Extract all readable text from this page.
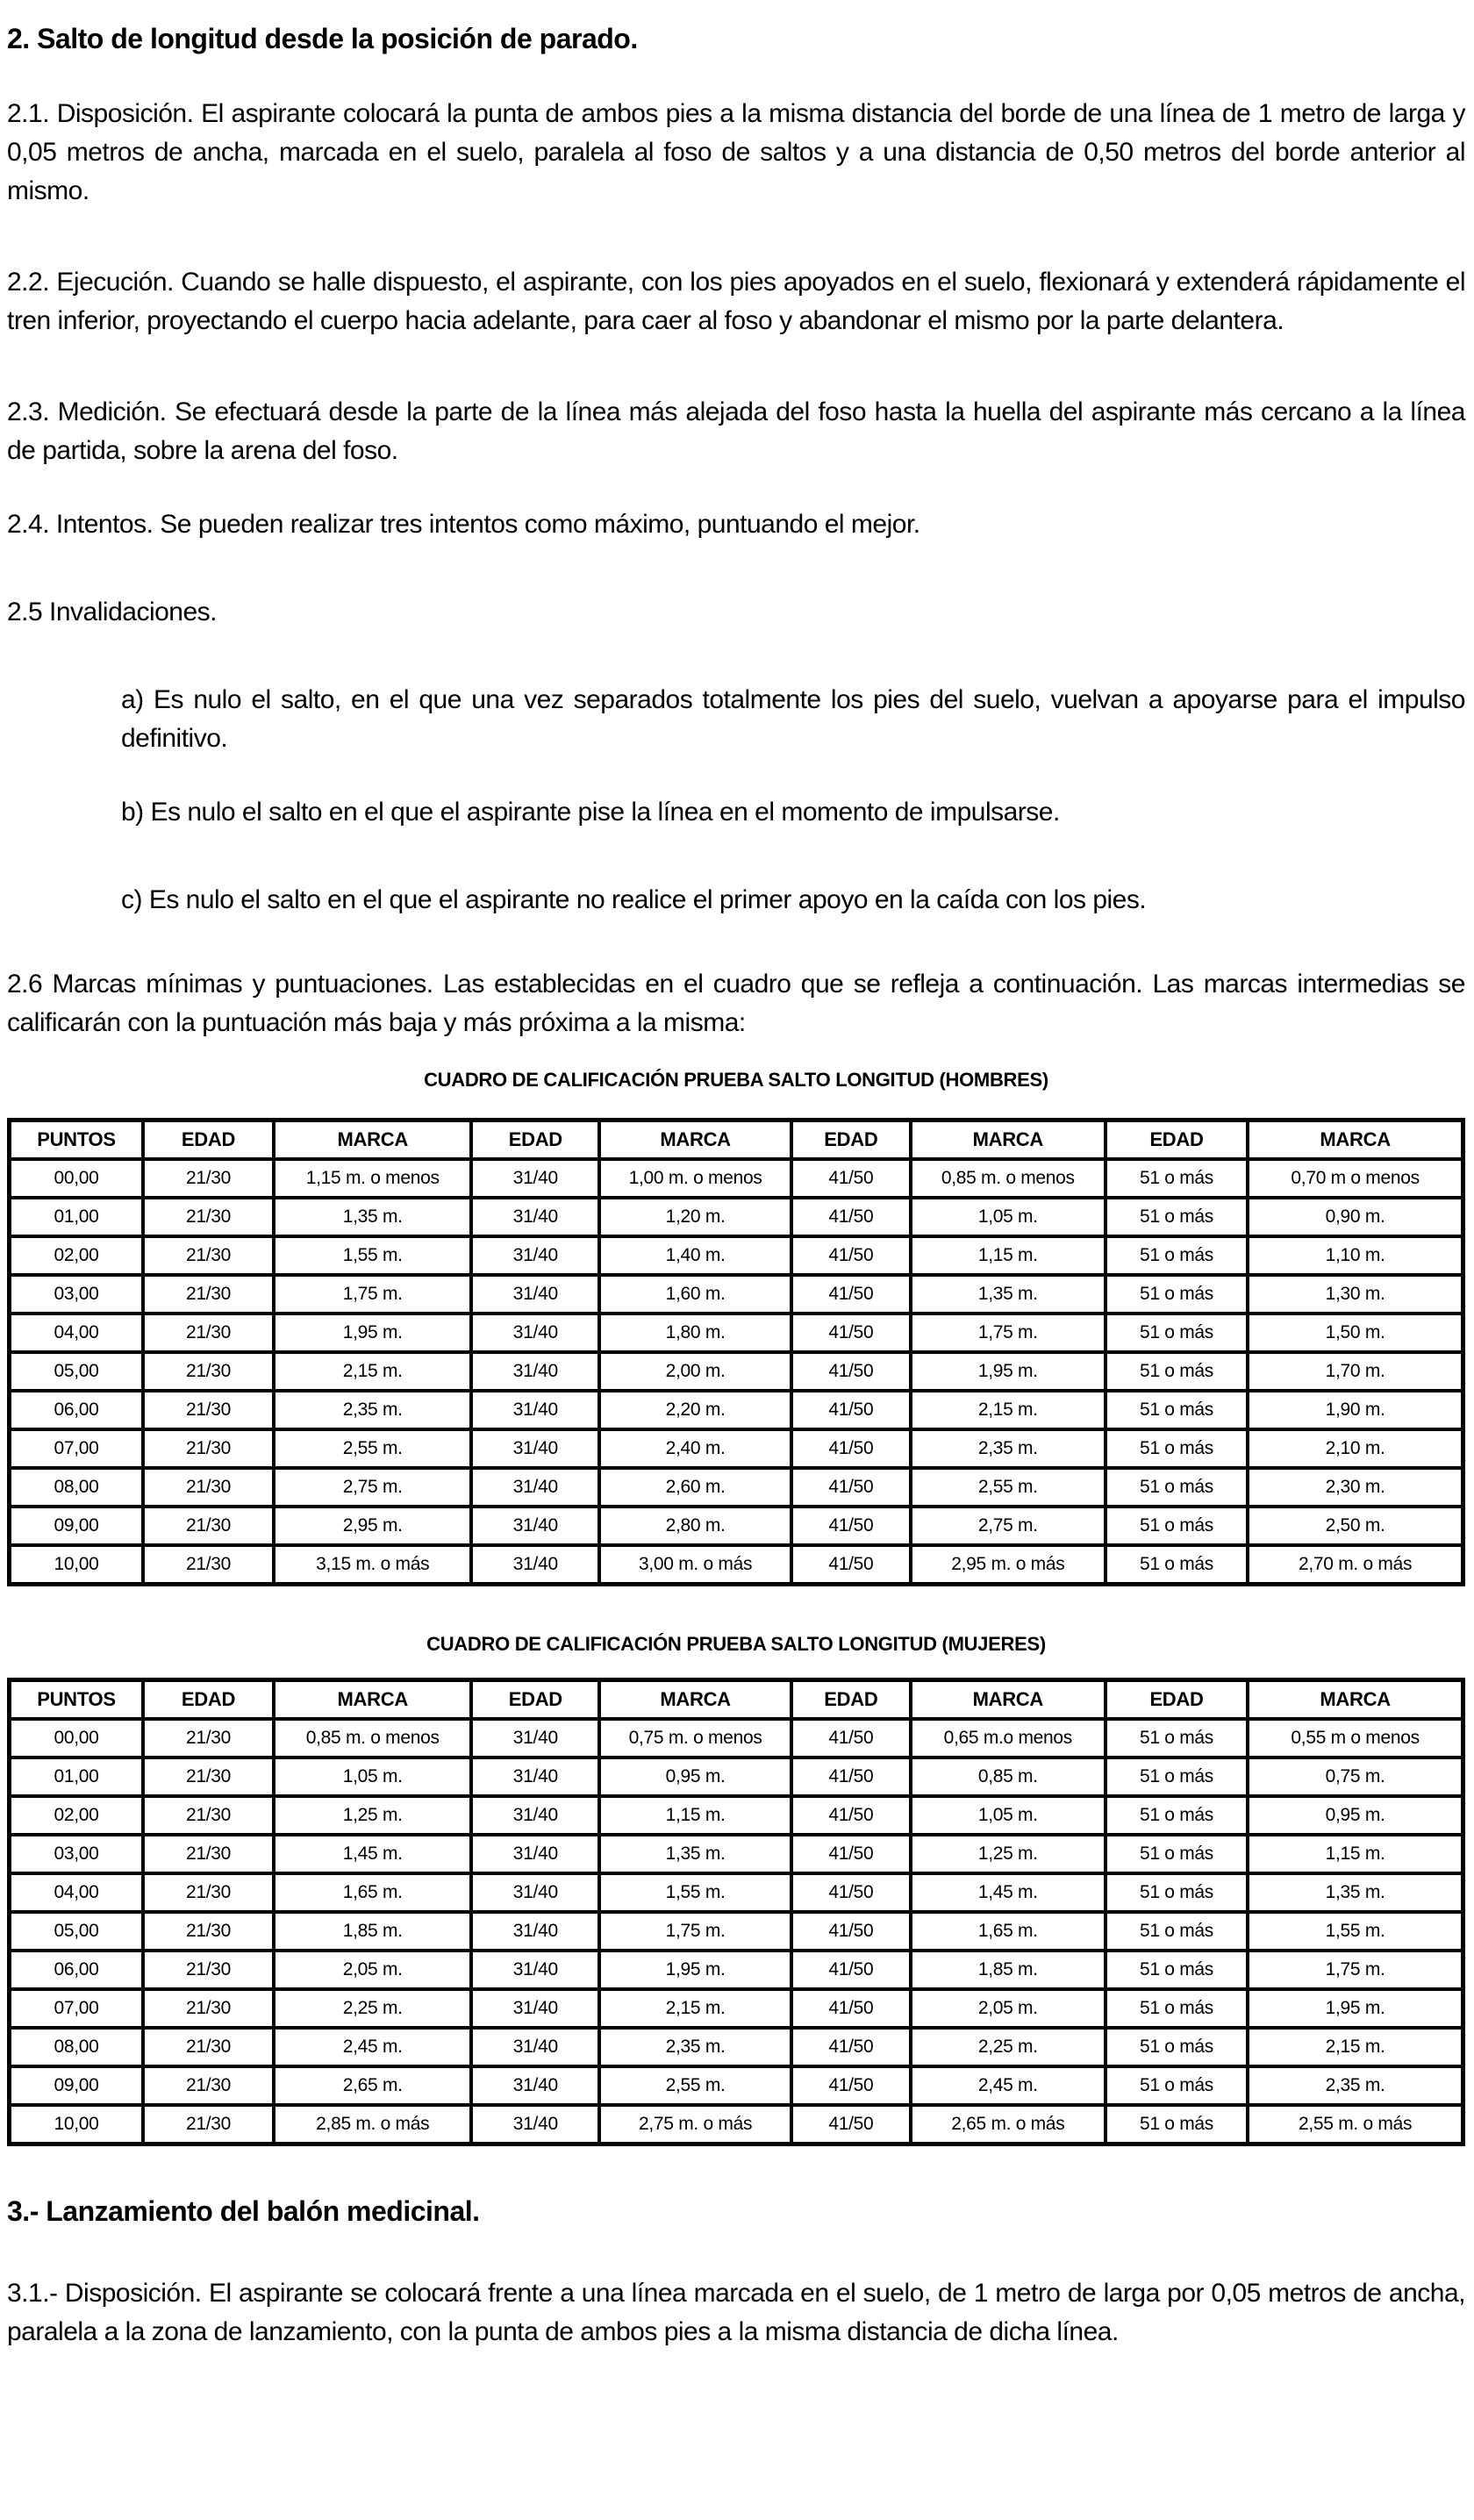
2. Salto de longitud desde la posición de parado.

2.1. Disposición. El aspirante colocará la punta de ambos pies a la misma distancia del borde de una línea de 1 metro de larga y 0,05 metros de ancha, marcada en el suelo, paralela al foso de saltos y a una distancia de 0,50 metros del borde anterior al mismo.

2.2. Ejecución. Cuando se halle dispuesto, el aspirante, con los pies apoyados en el suelo, flexionará y extenderá rápidamente el tren inferior, proyectando el cuerpo hacia adelante, para caer al foso y abandonar el mismo por la parte delantera.

2.3. Medición. Se efectuará desde la parte de la línea más alejada del foso hasta la huella del aspirante más cercano a la línea de partida, sobre la arena del foso.

2.4. Intentos. Se pueden realizar tres intentos como máximo, puntuando el mejor.

2.5 Invalidaciones.

a) Es nulo el salto, en el que una vez separados totalmente los pies del suelo, vuelvan a apoyarse para el impulso definitivo.

b) Es nulo el salto en el que el aspirante pise la línea en el momento de impulsarse.

c) Es nulo el salto en el que el aspirante no realice el primer apoyo en la caída con los pies.

2.6 Marcas mínimas y puntuaciones. Las establecidas en el cuadro que se refleja a continuación. Las marcas intermedias se calificarán con la puntuación más baja y más próxima a la misma:

CUADRO DE CALIFICACIÓN PRUEBA SALTO LONGITUD (HOMBRES)
PUNTOS	EDAD	MARCA	EDAD	MARCA	EDAD	MARCA	EDAD	MARCA
00,00	21/30	1,15 m. o menos	31/40	1,00 m. o menos	41/50	0,85 m. o menos	51 o más	0,70 m o menos
01,00	21/30	1,35 m.	31/40	1,20 m.	41/50	1,05 m.	51 o más	0,90 m.
02,00	21/30	1,55 m.	31/40	1,40 m.	41/50	1,15 m.	51 o más	1,10 m.
03,00	21/30	1,75 m.	31/40	1,60 m.	41/50	1,35 m.	51 o más	1,30 m.
04,00	21/30	1,95 m.	31/40	1,80 m.	41/50	1,75 m.	51 o más	1,50 m.
05,00	21/30	2,15 m.	31/40	2,00 m.	41/50	1,95 m.	51 o más	1,70 m.
06,00	21/30	2,35 m.	31/40	2,20 m.	41/50	2,15 m.	51 o más	1,90 m.
07,00	21/30	2,55 m.	31/40	2,40 m.	41/50	2,35 m.	51 o más	2,10 m.
08,00	21/30	2,75 m.	31/40	2,60 m.	41/50	2,55 m.	51 o más	2,30 m.
09,00	21/30	2,95 m.	31/40	2,80 m.	41/50	2,75 m.	51 o más	2,50 m.
10,00	21/30	3,15 m. o más	31/40	3,00 m. o más	41/50	2,95 m. o más	51 o más	2,70 m. o más
CUADRO DE CALIFICACIÓN PRUEBA SALTO LONGITUD (MUJERES)
PUNTOS	EDAD	MARCA	EDAD	MARCA	EDAD	MARCA	EDAD	MARCA
00,00	21/30	0,85 m. o menos	31/40	0,75 m. o menos	41/50	0,65 m.o menos	51 o más	0,55 m o menos
01,00	21/30	1,05 m.	31/40	0,95 m.	41/50	0,85 m.	51 o más	0,75 m.
02,00	21/30	1,25 m.	31/40	1,15 m.	41/50	1,05 m.	51 o más	0,95 m.
03,00	21/30	1,45 m.	31/40	1,35 m.	41/50	1,25 m.	51 o más	1,15 m.
04,00	21/30	1,65 m.	31/40	1,55 m.	41/50	1,45 m.	51 o más	1,35 m.
05,00	21/30	1,85 m.	31/40	1,75 m.	41/50	1,65 m.	51 o más	1,55 m.
06,00	21/30	2,05 m.	31/40	1,95 m.	41/50	1,85 m.	51 o más	1,75 m.
07,00	21/30	2,25 m.	31/40	2,15 m.	41/50	2,05 m.	51 o más	1,95 m.
08,00	21/30	2,45 m.	31/40	2,35 m.	41/50	2,25 m.	51 o más	2,15 m.
09,00	21/30	2,65 m.	31/40	2,55 m.	41/50	2,45 m.	51 o más	2,35 m.
10,00	21/30	2,85 m. o más	31/40	2,75 m. o más	41/50	2,65 m. o más	51 o más	2,55 m. o más
3.- Lanzamiento del balón medicinal.

3.1.- Disposición. El aspirante se colocará frente a una línea marcada en el suelo, de 1 metro de larga por 0,05 metros de ancha, paralela a la zona de lanzamiento, con la punta de ambos pies a la misma distancia de dicha línea.
